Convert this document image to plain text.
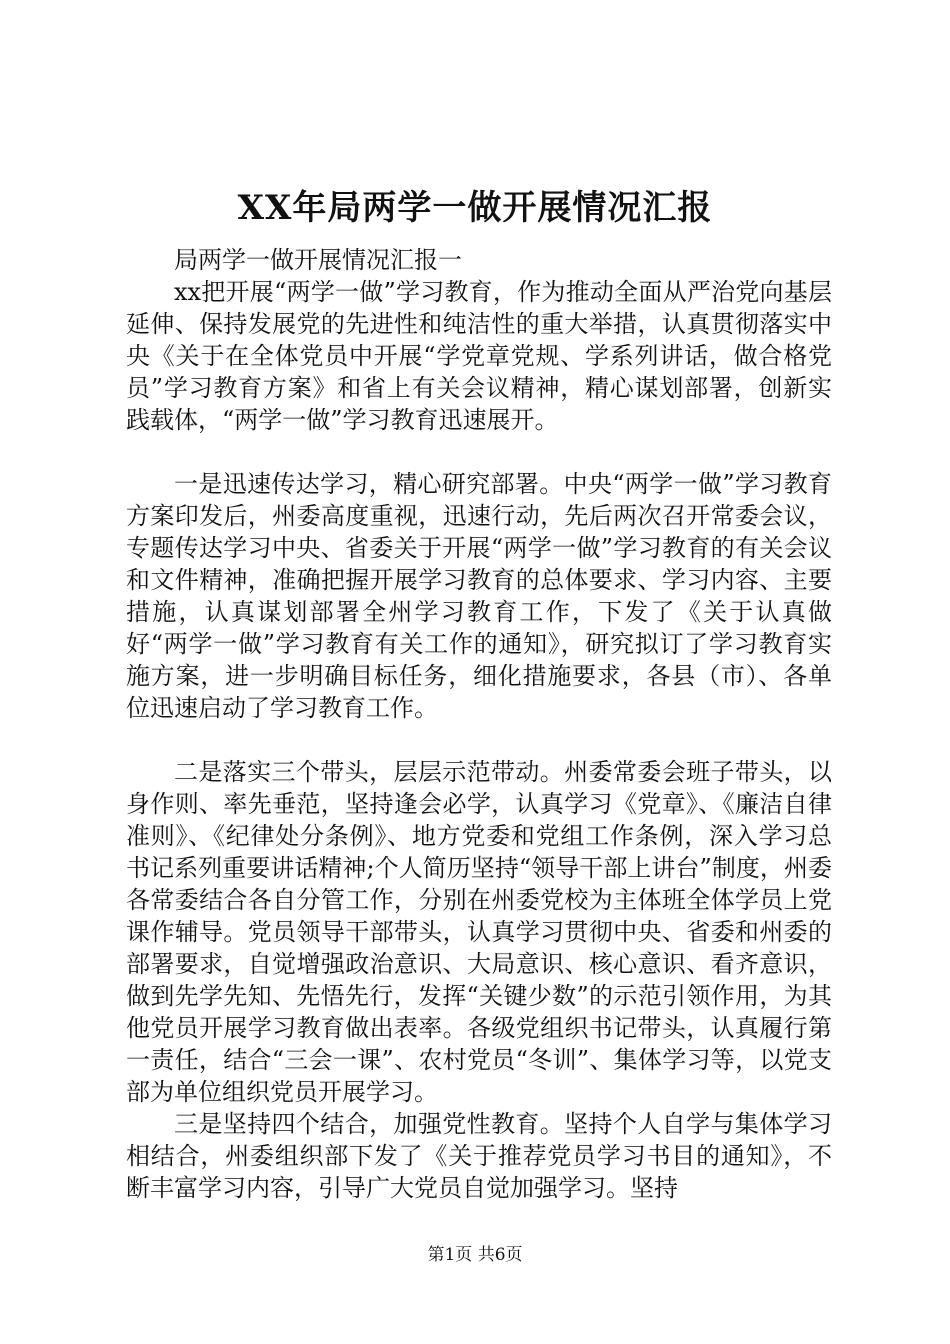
XX年局两学一做开展情况汇报

局两学一做开展情况汇报一

xx把开展“两学一做”学习教育，作为推动全面从严治党向基层延伸、保持发展党的先进性和纯洁性的重大举措，认真贯彻落实中央《关于在全体党员中开展“学党章党规、学系列讲话，做合格党员”学习教育方案》和省上有关会议精神，精心谋划部署，创新实践载体，“两学一做”学习教育迅速展开。

一是迅速传达学习，精心研究部署。中央“两学一做”学习教育方案印发后，州委高度重视，迅速行动，先后两次召开常委会议，专题传达学习中央、省委关于开展“两学一做”学习教育的有关会议和文件精神，准确把握开展学习教育的总体要求、学习内容、主要措施，认真谋划部署全州学习教育工作，下发了《关于认真做好“两学一做”学习教育有关工作的通知》，研究拟订了学习教育实施方案，进一步明确目标任务，细化措施要求，各县（市）、各单位迅速启动了学习教育工作。

二是落实三个带头，层层示范带动。州委常委会班子带头，以身作则、率先垂范，坚持逢会必学，认真学习《党章》、《廉洁自律准则》、《纪律处分条例》、地方党委和党组工作条例，深入学习总书记系列重要讲话精神;个人简历坚持“领导干部上讲台”制度，州委各常委结合各自分管工作，分别在州委党校为主体班全体学员上党课作辅导。党员领导干部带头，认真学习贯彻中央、省委和州委的部署要求，自觉增强政治意识、大局意识、核心意识、看齐意识，做到先学先知、先悟先行，发挥“关键少数”的示范引领作用，为其他党员开展学习教育做出表率。各级党组织书记带头，认真履行第一责任，结合“三会一课”、农村党员“冬训”、集体学习等，以党支部为单位组织党员开展学习。

三是坚持四个结合，加强党性教育。坚持个人自学与集体学习相结合，州委组织部下发了《关于推荐党员学习书目的通知》，不断丰富学习内容，引导广大党员自觉加强学习。坚持

第1页 共6页
